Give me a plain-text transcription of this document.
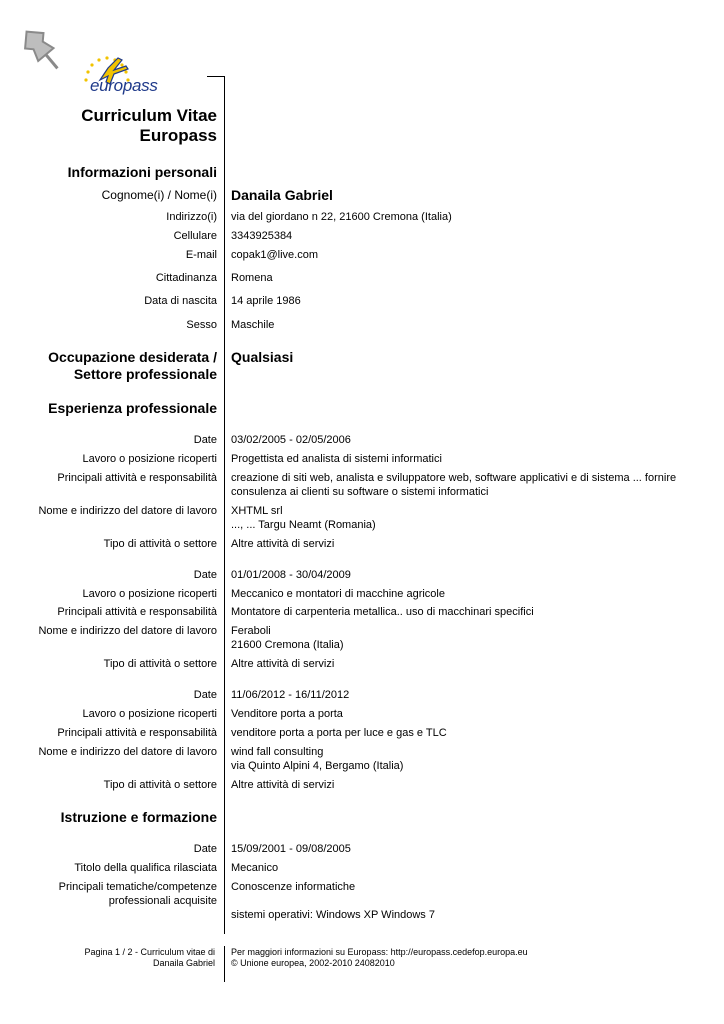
europass
Curriculum Vitae
Europass
Informazioni personali
Cognome(i) / Nome(i) Danaila Gabriel
Indirizzo(i) via del giordano n 22, 21600 Cremona (Italia)
Cellulare 3343925384
E-mail copak1@live.com
Cittadinanza Romena
Data di nascita 14 aprile 1986
Sesso Maschile
Occupazione desiderata /
Settore professionale
Qualsiasi
Esperienza professionale
Date 03/02/2005 - 02/05/2006
Lavoro o posizione ricoperti Progettista ed analista di sistemi informatici
Principali attività e responsabilità creazione di siti web, analista e sviluppatore web, software applicativi e di sistema ... fornire
consulenza ai clienti su software o sistemi informatici
Nome e indirizzo del datore di lavoro XHTML srl
..., ... Targu Neamt (Romania)
Tipo di attività o settore Altre attività di servizi
Date 01/01/2008 - 30/04/2009
Lavoro o posizione ricoperti Meccanico e montatori di macchine agricole
Principali attività e responsabilità Montatore di carpenteria metallica.. uso di macchinari specifici
Nome e indirizzo del datore di lavoro Feraboli
21600 Cremona (Italia)
Tipo di attività o settore Altre attività di servizi
Date 11/06/2012 - 16/11/2012
Lavoro o posizione ricoperti Venditore porta a porta
Principali attività e responsabilità venditore porta a porta per luce e gas e TLC
Nome e indirizzo del datore di lavoro wind fall consulting
via Quinto Alpini 4, Bergamo (Italia)
Tipo di attività o settore Altre attività di servizi
Istruzione e formazione
Date 15/09/2001 - 09/08/2005
Titolo della qualifica rilasciata Mecanico
Principali tematiche/competenze
professionali acquisite
Conoscenze informatiche
sistemi operativi: Windows XP Windows 7
Pagina 1 / 2 - Curriculum vitae di
Danaila Gabriel
Per maggiori informazioni su Europass: http://europass.cedefop.europa.eu
© Unione europea, 2002-2010 24082010
